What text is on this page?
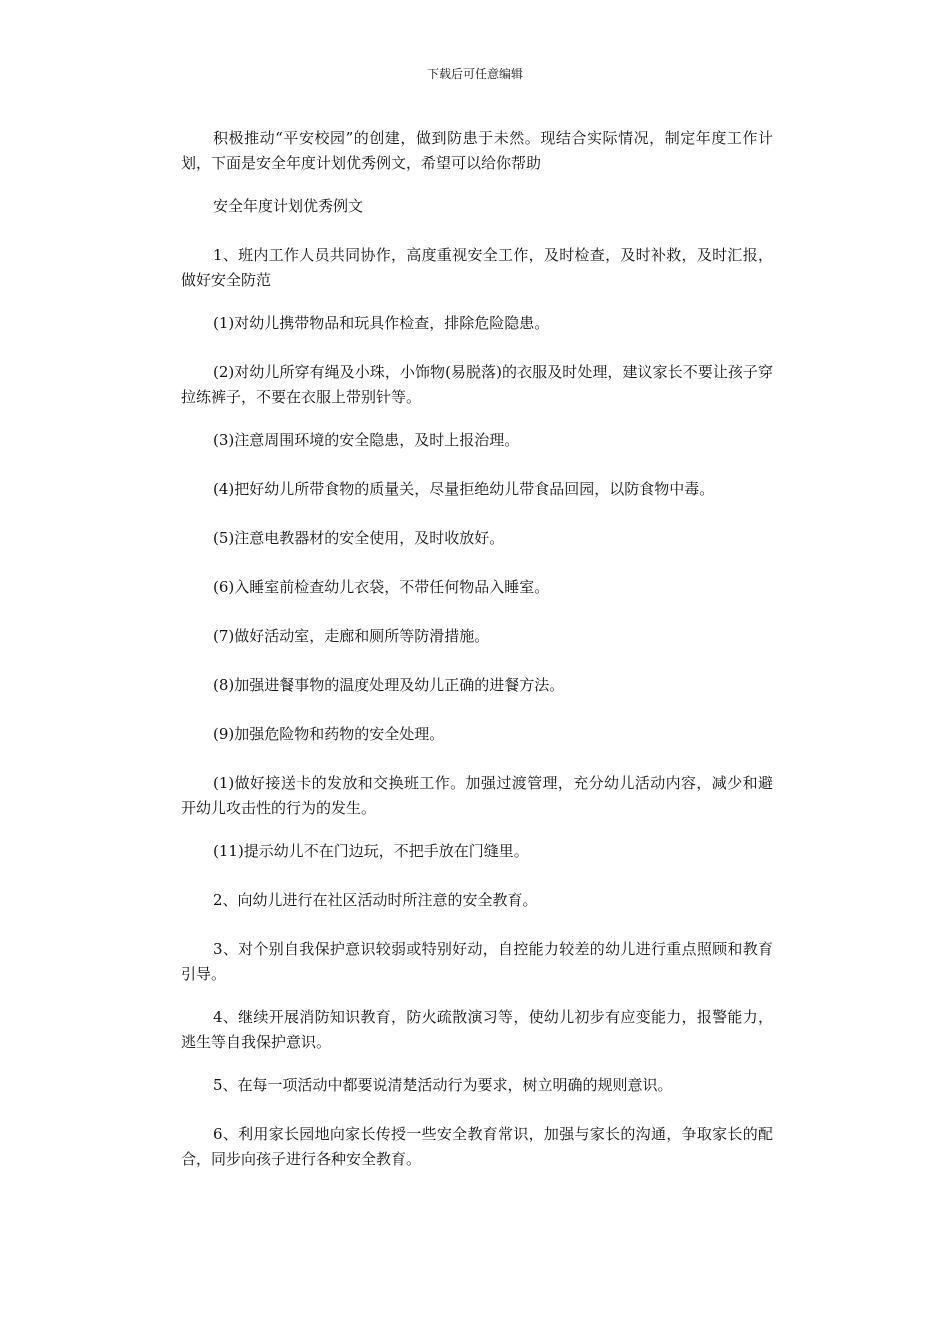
下载后可任意编辑

积极推动“平安校园”的创建，做到防患于未然。现结合实际情况，制定年度工作计划，下面是安全年度计划优秀例文，希望可以给你帮助

安全年度计划优秀例文

1、班内工作人员共同协作，高度重视安全工作，及时检查，及时补救，及时汇报，做好安全防范

(1)对幼儿携带物品和玩具作检查，排除危险隐患。

(2)对幼儿所穿有绳及小珠，小饰物(易脱落)的衣服及时处理，建议家长不要让孩子穿拉练裤子，不要在衣服上带别针等。

(3)注意周围环境的安全隐患，及时上报治理。

(4)把好幼儿所带食物的质量关，尽量拒绝幼儿带食品回园，以防食物中毒。

(5)注意电教器材的安全使用，及时收放好。

(6)入睡室前检查幼儿衣袋，不带任何物品入睡室。

(7)做好活动室，走廊和厕所等防滑措施。

(8)加强进餐事物的温度处理及幼儿正确的进餐方法。

(9)加强危险物和药物的安全处理。

(1)做好接送卡的发放和交换班工作。加强过渡管理，充分幼儿活动内容，减少和避开幼儿攻击性的行为的发生。

(11)提示幼儿不在门边玩，不把手放在门缝里。

2、向幼儿进行在社区活动时所注意的安全教育。

3、对个别自我保护意识较弱或特别好动，自控能力较差的幼儿进行重点照顾和教育引导。

4、继续开展消防知识教育，防火疏散演习等，使幼儿初步有应变能力，报警能力，逃生等自我保护意识。

5、在每一项活动中都要说清楚活动行为要求，树立明确的规则意识。

6、利用家长园地向家长传授一些安全教育常识，加强与家长的沟通，争取家长的配合，同步向孩子进行各种安全教育。
